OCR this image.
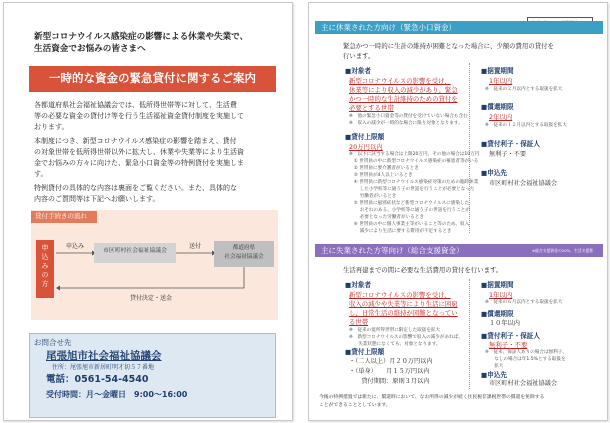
新型コロナウイルス感染症の影響による休業や失業で、
生活資金でお悩みの皆さまへ
一時的な資金の緊急貸付に関するご案内
各都道府県社会福祉協議会では、低所得世帯等に対して、生活費
等の必要な資金の貸付け等を行う生活福祉資金貸付制度を実施して
おります。
本制度につき、新型コロナウイルス感染症の影響を踏まえ、貸付
の対象世帯を低所得世帯以外に拡大し、休業や失業等により生活資
金でお悩みの方々に向けた、緊急小口資金等の特例貸付を実施しま
す。
特例貸付の具体的な内容は裏面をご覧ください。また、具体的な
内容のご質問等は下記へお願いします。
貸付手続きの流れ
申
込
み
の
方
申込み
市区町村社会福祉協議会
送付	都道府県
社会福祉協議会
貸付決定・送金
お問合せ先
尾張旭市社会福祉協議会
住所：尾張旭市新居町明才切５７番地
電話：0561-54-4540
受付時間：月～金曜日　9:00～16:00
主に休業された方向け（緊急小口資金）
緊急かつ一時的に生計の維持が困難となった場合に、少額の費用の貸付を
行います。
■対象者
新型コロナウイルスの影響を受け、
休業等により収入の減少があり、緊急
かつ一時的な生計維持のための貸付を
必要とする世帯
※　他の緊急小口資金等の貸付を受けていない場合も含む
※　収入の減少が一時的な場合に限り対象となります。
■貸付上限額
20万円以内
※　以下に該当する場合は上限20万円、その他の場合は10万円
　① 世帯員の中に新型コロナウイルス感染症の罹患者等がいる
　② 世帯員に要介護者がいるとき
　③ 世帯員が4人以上いるとき
　④ 世帯員に新型コロナウイルス感染症対策のための臨時休業
　　 した小学校等に通う子の世話を行うことが必要となった
　　 労働者がいるとき
　⑤ 世帯員に風邪症状など新型コロナウイルスに感染した
　　 おそれのある、小学校等に通う子の世話を行うことが
　　 必要となった労働者がいるとき
　⑥ 世帯員の中に個人事業主等がいること等のため、収入
　　 減少により生活に要する費用が不足するとき
■据置期間
1年以内
※　従来の２月以内とする取扱を拡大
■償還期限
2年以内
※　従来の１２月以内とする取扱を拡大
■貸付利子・保証人
無利子・不要
■申込先
市区町村社会福祉協議会
主に失業された方等向け（総合支援資金）	※総合支援資金の10%、生活支援費
生活再建までの間に必要な生活費用の貸付を行います。
■対象者
新型コロナウイルスの影響を受け、
収入の減少や失業等により生活に困窮
し、日常生活の維持が困難となってい
る世帯
※　従来の低所得世帯に限定した取扱を拡大
※　新型コロナウイルスの影響で収入の減少があれば、
　　失業状態になくても、対象となります。
■貸付上限額
・（二人以上）月２０万円以内
・（単身）　　月１５万円以内
　　貸付期間：原則３月以内
■据置期間
1年以内
※　従来の６月以内とする取扱を拡大
■償還期限
１０年以内
■貸付利子・保証人
無利子・不要
※　従来、保証人ありの場合は無利子、
　　なしの場合は年1.5%とする取扱を
　　拡大
■申込先
市区町村社会福祉協議会
今後の特例措置では新たに、償還時において、なお所得の減少が続く住民税非課税世帯の償還を免除する
ことができることとしています。
